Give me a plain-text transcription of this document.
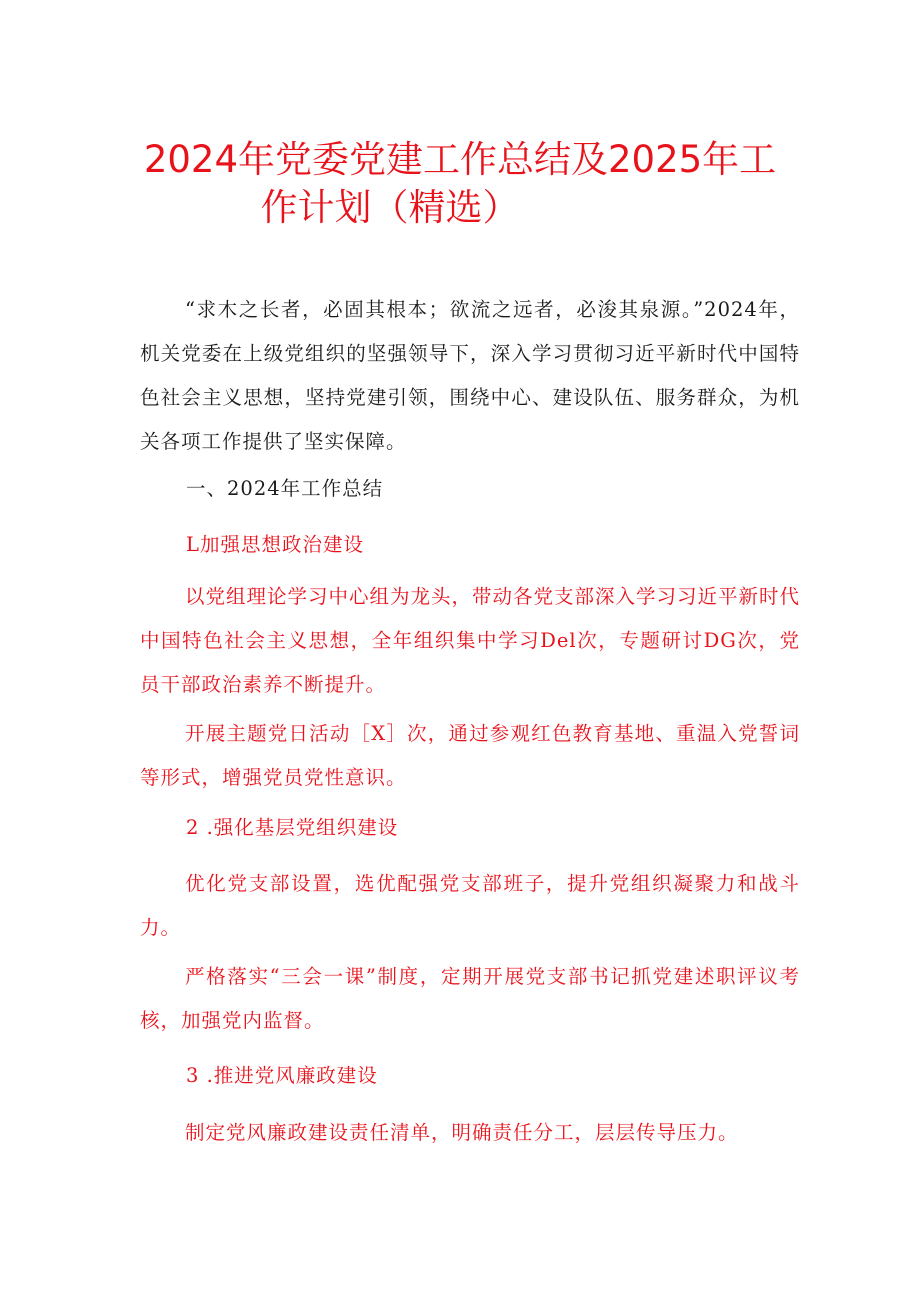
2024年党委党建工作总结及2025年工
作计划（精选）

“求木之长者，必固其根本；欲流之远者，必浚其泉源。”2024年，机关党委在上级党组织的坚强领导下，深入学习贯彻习近平新时代中国特色社会主义思想，坚持党建引领，围绕中心、建设队伍、服务群众，为机关各项工作提供了坚实保障。

一、2024年工作总结

L加强思想政治建设

以党组理论学习中心组为龙头，带动各党支部深入学习习近平新时代中国特色社会主义思想，全年组织集中学习Del次，专题研讨DG次，党员干部政治素养不断提升。

开展主题党日活动［X］次，通过参观红色教育基地、重温入党誓词等形式，增强党员党性意识。

2 .强化基层党组织建设

优化党支部设置，选优配强党支部班子，提升党组织凝聚力和战斗力。

严格落实“三会一课”制度，定期开展党支部书记抓党建述职评议考核，加强党内监督。

3 .推进党风廉政建设

制定党风廉政建设责任清单，明确责任分工，层层传导压力。
